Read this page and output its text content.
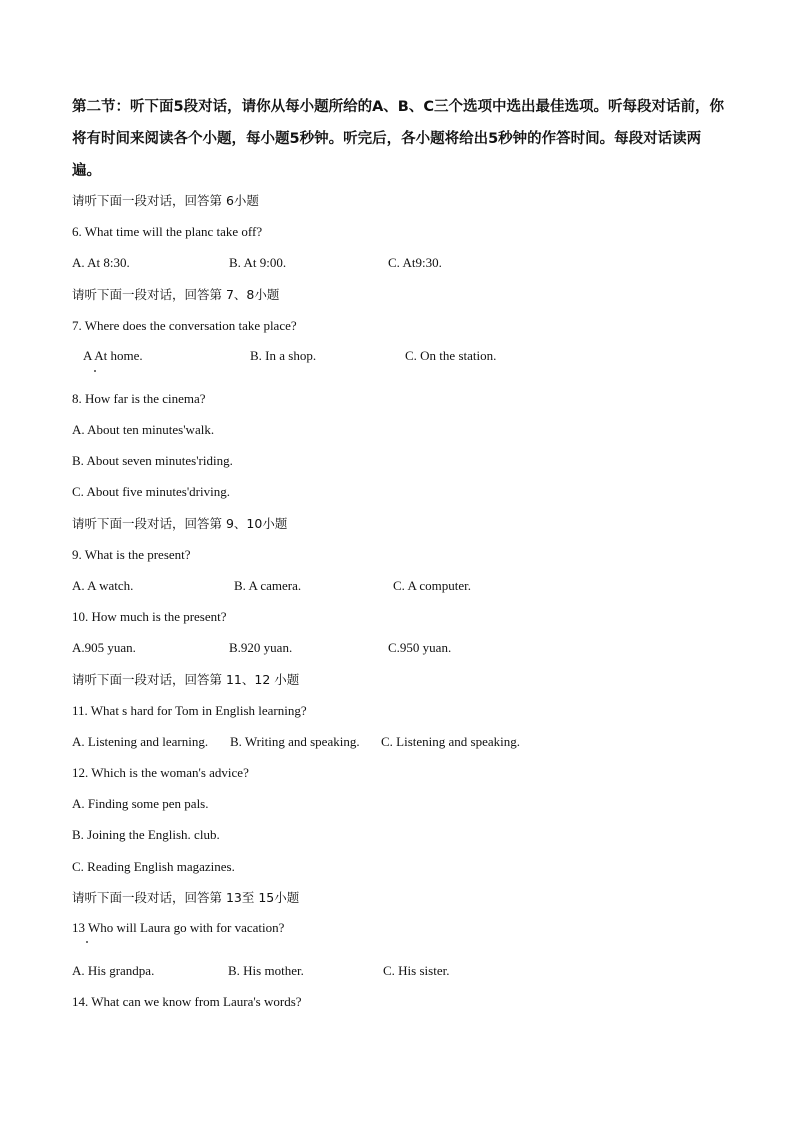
第二节：听下面5段对话，请你从每小题所给的A、B、C三个选项中选出最佳选项。听每段对话前，你将有时间来阅读各个小题，每小题5秒钟。听完后，各小题将给出5秒钟的作答时间。每段对话读两遍。
请听下面一段对话，回答第 6小题
6. What time will the planc take off?
A. At 8:30.	B. At 9:00.	C. At9:30.
请听下面一段对话，回答第 7、8小题
7. Where does the conversation take place?
A At home.	B. In a shop.	C. On the station.
8. How far is the cinema?
A. About ten minutes'walk.
B. About seven minutes'riding.
C. About five minutes'driving.
请听下面一段对话，回答第 9、10小题
9. What is the present?
A. A watch.	B. A camera.	C. A computer.
10. How much is the present?
A.905 yuan.	B.920 yuan.	C.950 yuan.
请听下面一段对话，回答第 11、12 小题
11. What s hard for Tom in English learning?
A. Listening and learning. B. Writing and speaking. C. Listening and speaking.
12. Which is the woman's advice?
A. Finding some pen pals.
B. Joining the English. club.
C. Reading English magazines.
请听下面一段对话，回答第 13至 15小题
13 Who will Laura go with for vacation?
A. His grandpa.	B. His mother.	C. His sister.
14. What can we know from Laura's words?
